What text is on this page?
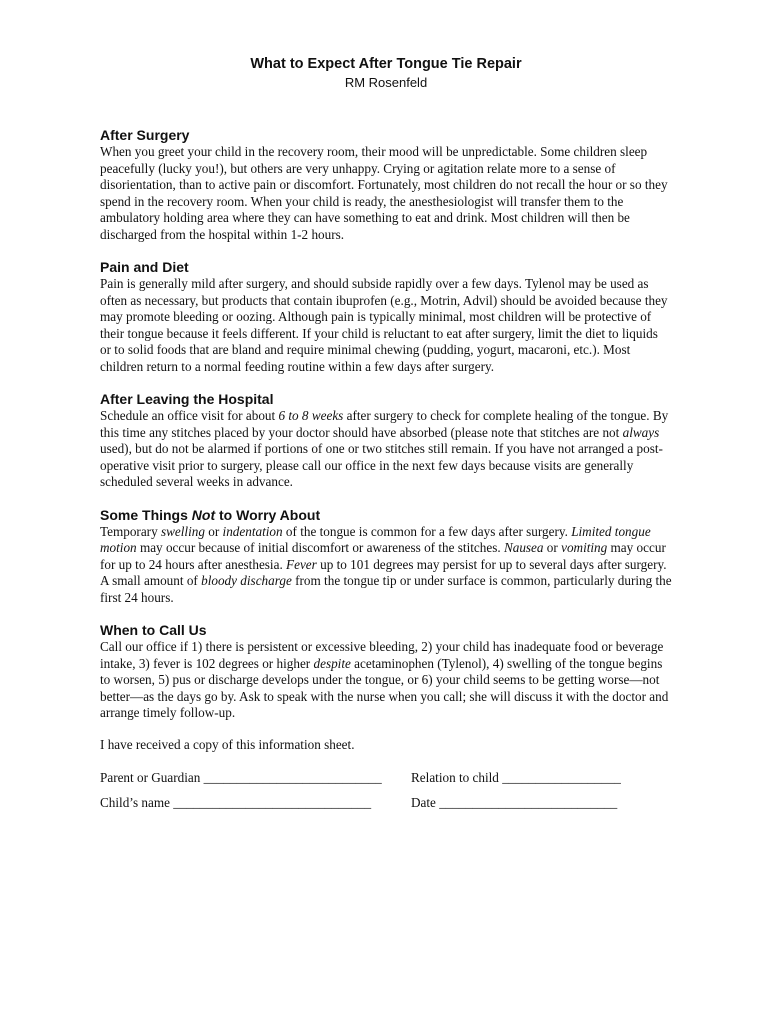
What to Expect After Tongue Tie Repair

RM Rosenfeld

After Surgery

When you greet your child in the recovery room, their mood will be unpredictable. Some children sleep peacefully (lucky you!), but others are very unhappy. Crying or agitation relate more to a sense of disorientation, than to active pain or discomfort. Fortunately, most children do not recall the hour or so they spend in the recovery room. When your child is ready, the anesthesiologist will transfer them to the ambulatory holding area where they can have something to eat and drink. Most children will then be discharged from the hospital within 1-2 hours.

Pain and Diet

Pain is generally mild after surgery, and should subside rapidly over a few days. Tylenol may be used as often as necessary, but products that contain ibuprofen (e.g., Motrin, Advil) should be avoided because they may promote bleeding or oozing. Although pain is typically minimal, most children will be protective of their tongue because it feels different. If your child is reluctant to eat after surgery, limit the diet to liquids or to solid foods that are bland and require minimal chewing (pudding, yogurt, macaroni, etc.). Most children return to a normal feeding routine within a few days after surgery.

After Leaving the Hospital

Schedule an office visit for about 6 to 8 weeks after surgery to check for complete healing of the tongue. By this time any stitches placed by your doctor should have absorbed (please note that stitches are not always used), but do not be alarmed if portions of one or two stitches still remain. If you have not arranged a post-operative visit prior to surgery, please call our office in the next few days because visits are generally scheduled several weeks in advance.

Some Things Not to Worry About

Temporary swelling or indentation of the tongue is common for a few days after surgery. Limited tongue motion may occur because of initial discomfort or awareness of the stitches. Nausea or vomiting may occur for up to 24 hours after anesthesia. Fever up to 101 degrees may persist for up to several days after surgery. A small amount of bloody discharge from the tongue tip or under surface is common, particularly during the first 24 hours.

When to Call Us

Call our office if 1) there is persistent or excessive bleeding, 2) your child has inadequate food or beverage intake, 3) fever is 102 degrees or higher despite acetaminophen (Tylenol), 4) swelling of the tongue begins to worsen, 5) pus or discharge develops under the tongue, or 6) your child seems to be getting worse—not better—as the days go by. Ask to speak with the nurse when you call; she will discuss it with the doctor and arrange timely follow-up.

I have received a copy of this information sheet.

Parent or Guardian ___________________________	Relation to child __________________
Child’s name ______________________________	Date ___________________________
